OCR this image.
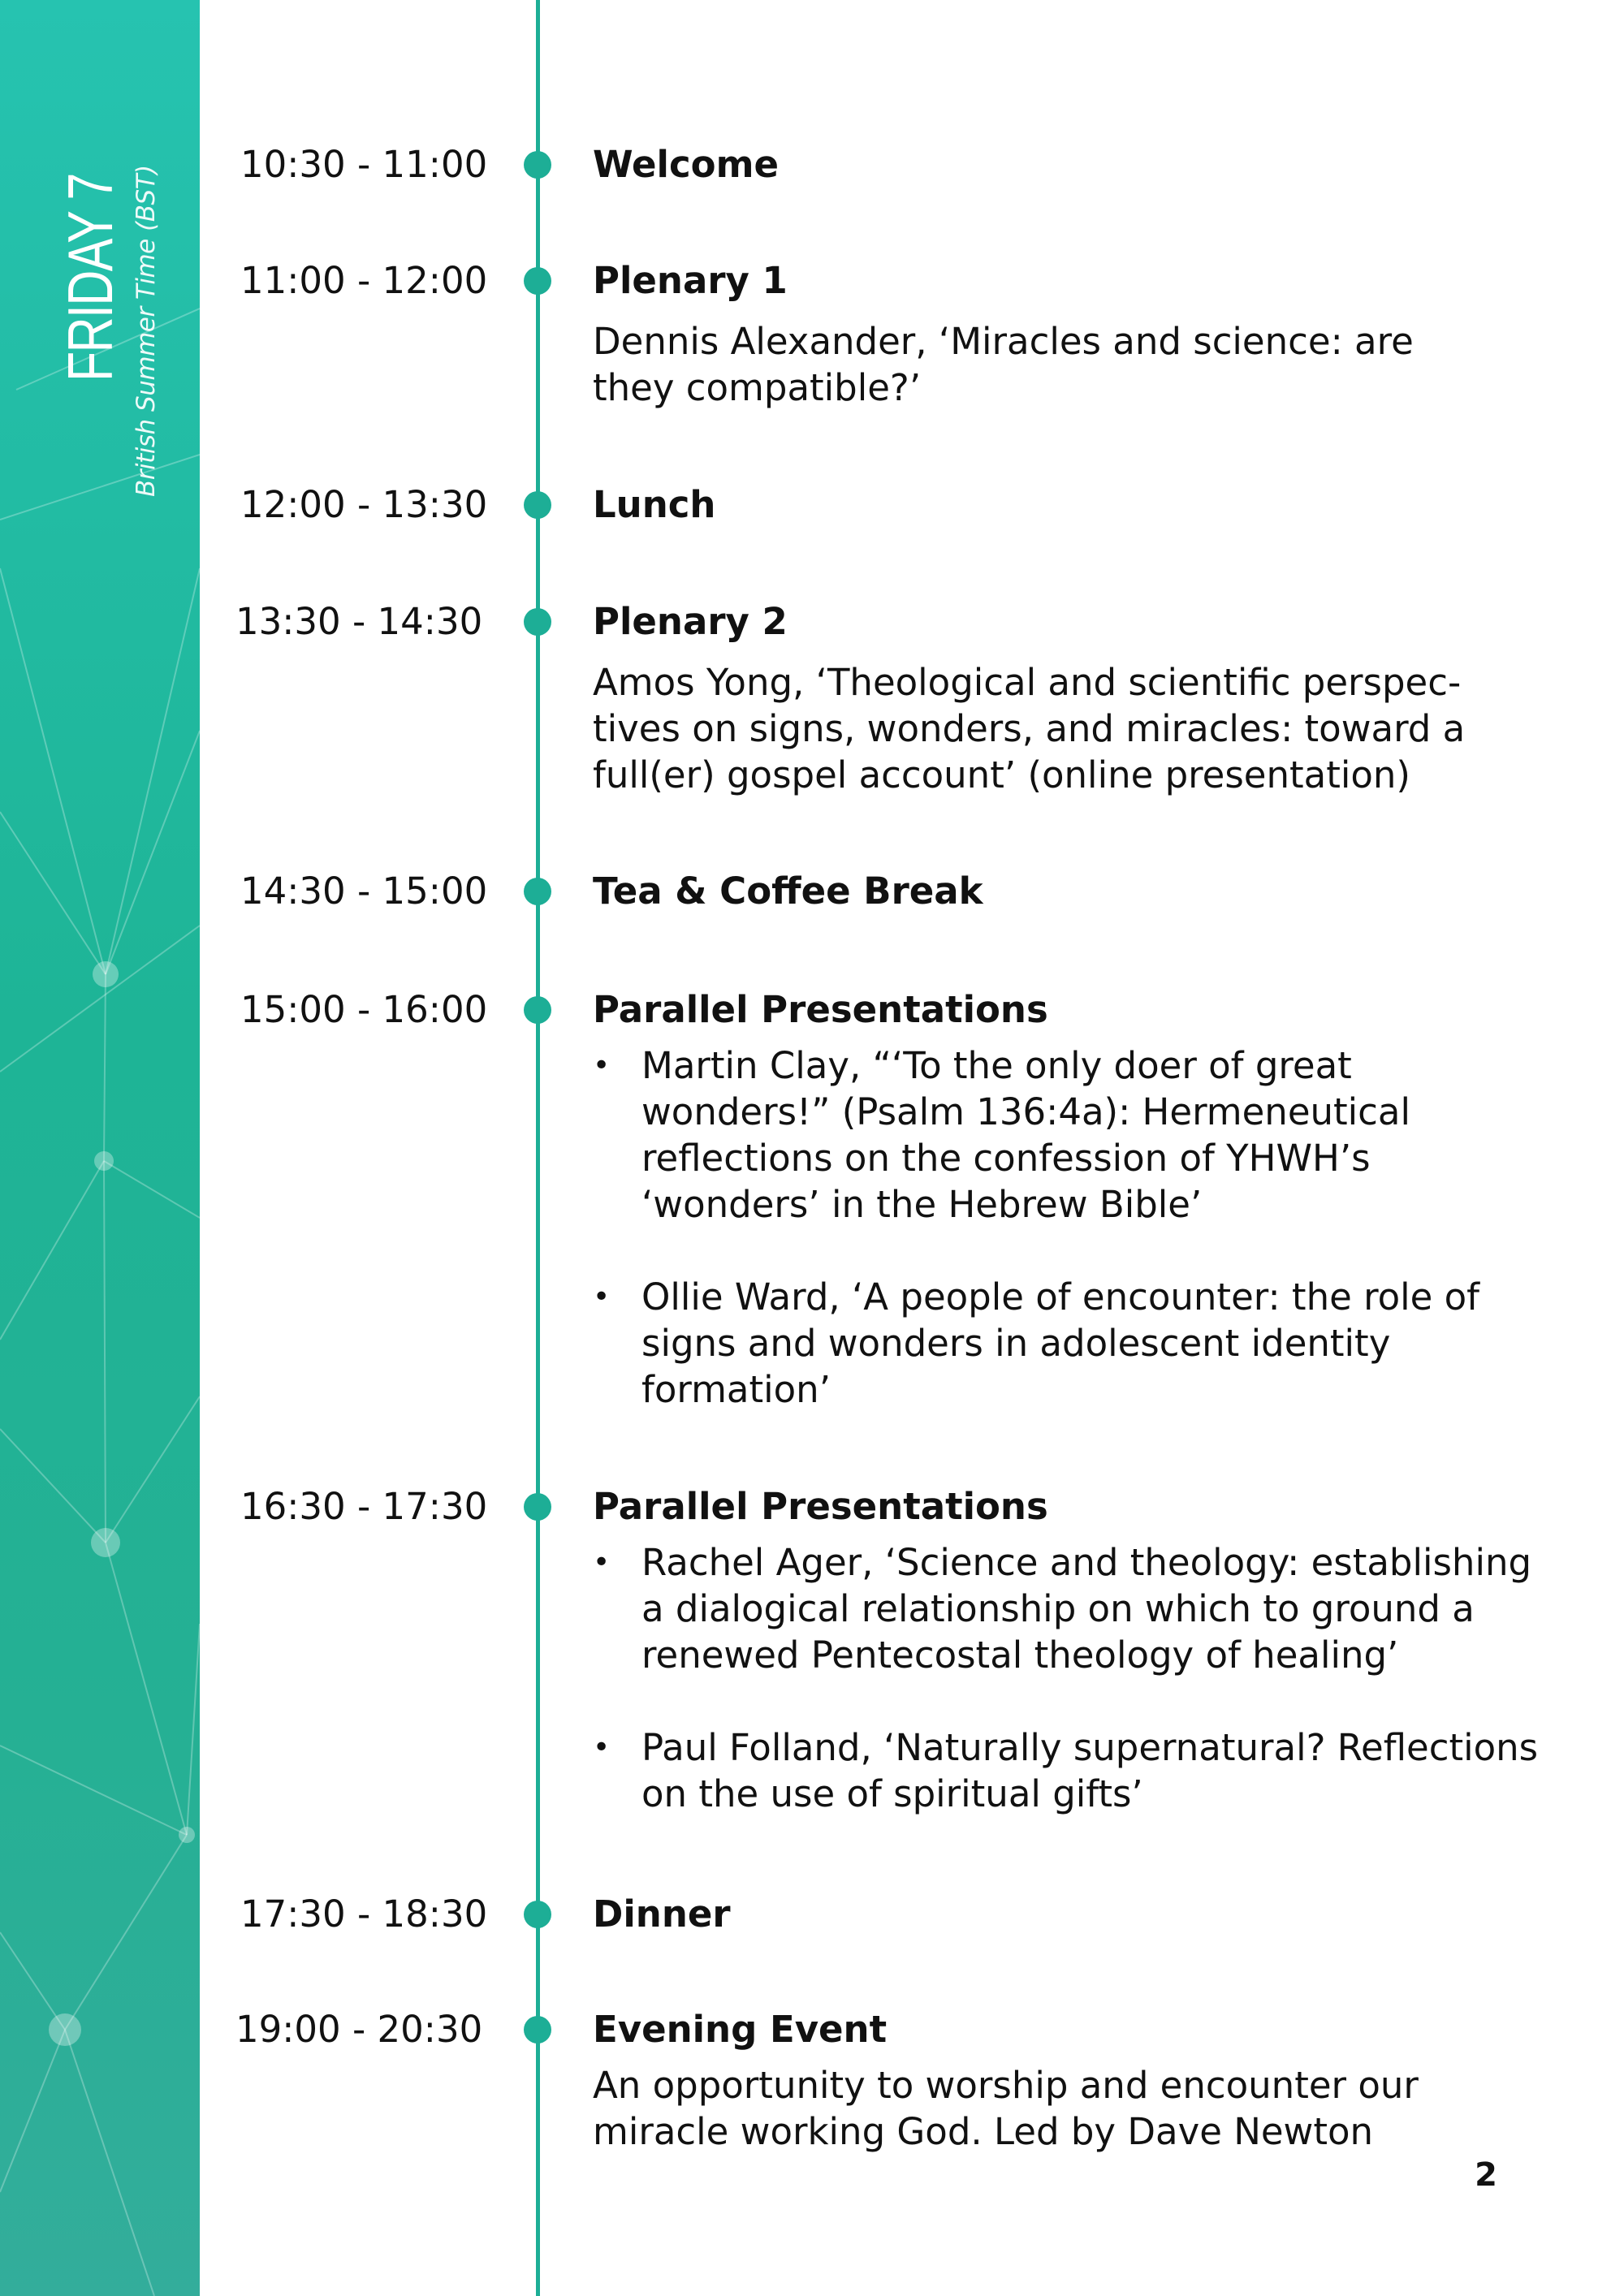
FRIDAY 7 British Summer Time (BST)
10:30 - 11:00	Welcome
11:00 - 12:00	Plenary 1
Dennis Alexander, ‘Miracles and science: are they compatible?’
12:00 - 13:30	Lunch
13:30 - 14:30	Plenary 2
Amos Yong, ‘Theological and scientific perspec-tives on signs, wonders, and miracles: toward a full(er) gospel account’ (online presentation)
14:30 - 15:00	Tea & Coffee Break
15:00 - 16:00	Parallel Presentations
• Martin Clay, “‘To the only doer of great wonders!” (Psalm 136:4a): Hermeneutical reflections on the confession of YHWH’s ‘wonders’ in the Hebrew Bible’
• Ollie Ward, ‘A people of encounter: the role of signs and wonders in adolescent identity formation’
16:30 - 17:30	Parallel Presentations
• Rachel Ager, ‘Science and theology: establishing a dialogical relationship on which to ground a renewed Pentecostal theology of healing’
• Paul Folland, ‘Naturally supernatural? Reflections on the use of spiritual gifts’
17:30 - 18:30	Dinner
19:00 - 20:30	Evening Event
An opportunity to worship and encounter our miracle working God. Led by Dave Newton
2
